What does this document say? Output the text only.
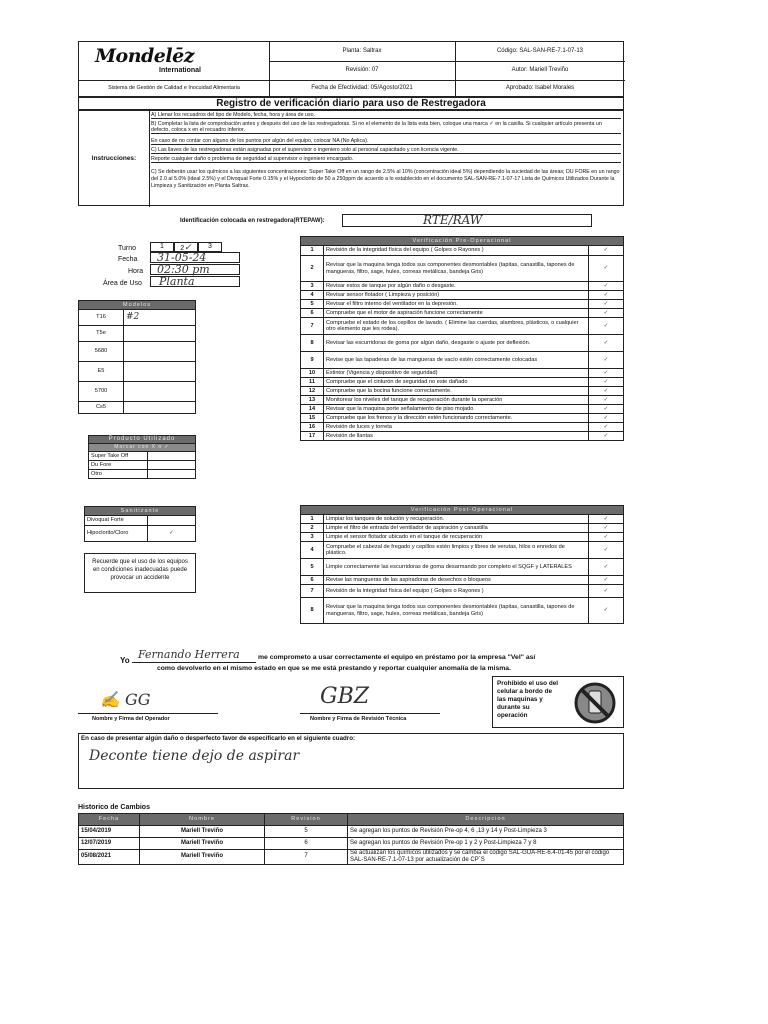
Mondelēz
International
Sistema de Gestión de Calidad e Inocuidad Alimentaria
Planta: Saltrax
Revisión: 07
Fecha de Efectividad: 05/Agosto/2021
Código: SAL-SAN-RE-7.1-07-13
Autor: Mariell Treviño
Aprobado: Isabel Morales
Registro de verificación diario para uso de Restregadora
Instrucciones:
A) Llenar los recuadros del tipo de Modelo, fecha, hora y área de uso.
B) Completar la lista de comprobación antes y después del uso de las restregadoras. Si no el elemento de la lista esta bien, coloque una marca ✓ en la casilla. Si cualquier artículo presenta un defecto, coloca x en el recuadro inferior.
En caso de no contar con alguno de los puntos por algún del equipo, colocar NA (No Aplica).
C) Las llaves de las restregadoras están asignadas por el supervisor o ingeniero solo al personal capacitado y con licencia vigente.
Reporte cualquier daño o problema de seguridad al supervisor o ingeniero encargado.
C) Se deberán usar los químicos a las siguientes concentraciones: Super Take Off en un rango de 2.5% al 10% (concentración ideal 5%) dependiendo la suciedad de las áreas; DU FORE en un rango del 2.0 al 5.0% (ideal 2.5%) y el Divoquat Forte 0.15% y el Hypoclorito de 50 a 250ppm de acuerdo a lo establecido en el documento SAL-SAN-RE-7.1-07-17 Lista de Químicos Utilizados Durante la Limpieza y Sanitización en Planta Saltrax.
Identificación colocada en restregadora(RTEPAW):	RTE/RAW
Turno	1	2✓	3
Fecha 31-05-24
Hora 02:30 pm
Área de Uso Planta
Modelos	
T16	#2
T5e	
5680	
E5	
5700	
Cs5	
Producto Utilizado	
Marcar con X o ✓	
Super Take Off	
Du Fore	
Otro	
Sanitizante	
Divoquat Forte	
Hipoclorito/Cloro	✓
Recuerde que el uso de los equipos en condiciones inadecuadas puede provocar un accidente
Verificación Pre-Operacional		
1	Revisión de la integridad física del equipo ( Golpes o Rayones )	✓
2	Revisar que la maquina tenga todos sus componentes desmontables (tapitas, canastilla, tapones de mangueras, filtro, sage, hules, correas metálicas, bandeja Gris)	✓
3	Revisar estos de tanque por algún daño o desgaste.	✓
4	Revisar sensor flotador ( Limpieza y posición)	✓
5	Revisar el filtro interno del ventilador en la depresión.	✓
6	Compruebe que el motor de aspiración funcione correctamente	✓
7	Compruebe el estado de los cepillos de lavado. ( Elimine las cuerdas, alambres, plásticos, o cualquier otro elemento que les rodea).	✓
8	Revisar las escurridoras de goma por algún daño, desgaste o ajuste por deflexión.	✓
9	Revise que las tapaderas de las mangueras de vacío estén correctamente colocadas	✓
10	Extintor (Vigencia y dispositivo de seguridad)	✓
11	Compruebe que el cinturón de seguridad no este dañado	✓
12	Compruebe que la bocina funcione correctamente.	✓
13	Monitorear los niveles del tanque de recuperación durante la operación	✓
14	Revisar que la maquina porte señalamiento de piso mojado	✓
15	Compruebe que los frenos y la dirección estén funcionando correctamente.	✓
16	Revisión de luces y torreta	✓
17	Revisión de llantas	✓
Verificación Post-Operacional		
1	Limpiar los tanques de solución y recuperación.	✓
2	Limpie el filtro de entrada del ventilador de aspiración y canastilla	✓
3	Limpie el sensor flotador ubicado en el tanque de recuperación	✓
4	Compruebe el cabezal de fregado y cepillos estén limpios y libres de verutas, hilos o enredos de plástico.	✓
5	Limpie correctamente las escurridoras de goma desarmando por completo el SQGF y LATERALES	✓
6	Revise las mangueras de las aspiradoras de desechos o bloqueos	✓
7	Revisión de la integridad física del equipo ( Golpes o Rayones )	✓
8	Revisar que la maquina tenga todos sus componentes desmontables (tapitas, canastilla, tapones de mangueras, filtro, sage, hules, correas metálicas, bandeja Gris)	✓
Yo Fernando Herrera	me comprometo a usar correctamente el equipo en préstamo por la empresa "Vel" así
como devolverlo en el mismo estado en que se me está prestando y reportar cualquier anomalía de la misma.
✍ GG
Nombre y Firma del Operador
GBZ
Nombre y Firma de Revisión Técnica
Prohibido el uso del celular a bordo de las maquinas y durante su operación
En caso de presentar algún daño o desperfecto favor de especificarlo en el siguiente cuadro:
Deconte tiene dejo de aspirar
Historico de Cambios
Fecha	Nombre	Revision	Descripcion
15/04/2019	Mariell Treviño	5	Se agregan los puntos de Revisión Pre-op 4, 6 ,13 y 14 y Post-Limpieza 3
12/07/2019	Mariell Treviño	6	Se agregan los puntos de Revisión Pre-op 1 y 2 y Post-Limpieza 7 y 8
05/08/2021	Mariell Treviño	7	Se actualizan los químicos utilizados y se cambia el código SAL-GUA-RE-6.4-01-45 por el código SAL-SAN-RE-7.1-07-13 por actualización de CP´S
